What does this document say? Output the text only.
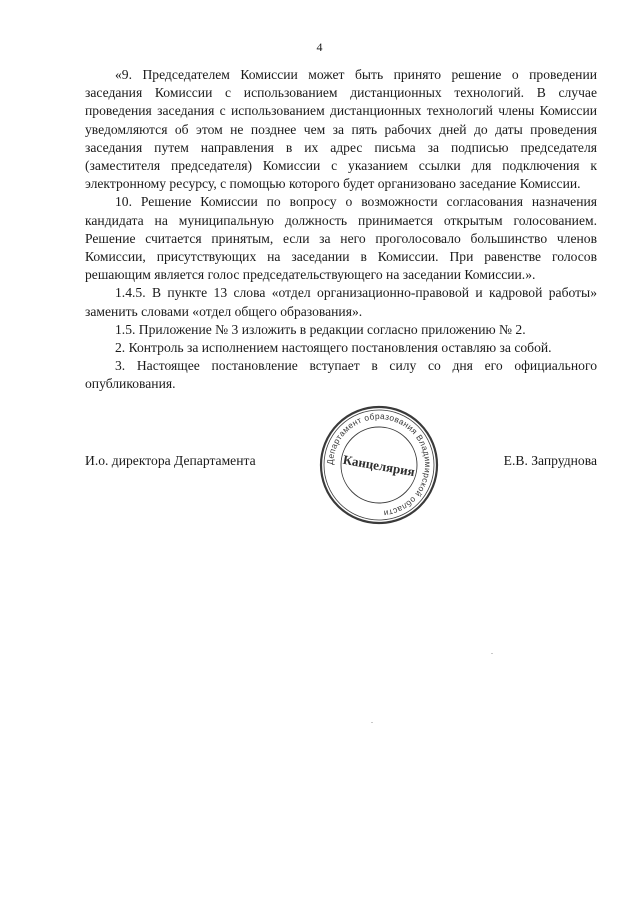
4

«9. Председателем Комиссии может быть принято решение о проведении заседания Комиссии с использованием дистанционных технологий. В случае проведения заседания с использованием дистанционных технологий члены Комиссии уведомляются об этом не позднее чем за пять рабочих дней до даты проведения заседания путем направления в их адрес письма за подписью председателя (заместителя председателя) Комиссии с указанием ссылки для подключения к электронному ресурсу, с помощью которого будет организовано заседание Комиссии.

10. Решение Комиссии по вопросу о возможности согласования назначения кандидата на муниципальную должность принимается открытым голосованием. Решение считается принятым, если за него проголосовало большинство членов Комиссии, присутствующих на заседании в Комиссии. При равенстве голосов решающим является голос председательствующего на заседании Комиссии.».

1.4.5. В пункте 13 слова «отдел организационно-правовой и кадровой работы» заменить словами «отдел общего образования».

1.5. Приложение № 3 изложить в редакции согласно приложению № 2.

2. Контроль за исполнением настоящего постановления оставляю за собой.

3. Настоящее постановление вступает в силу со дня его официального опубликования.

И.о. директора Департамента	Департамент образования Владимирской области
Канцелярия	Е.В. Запруднова
